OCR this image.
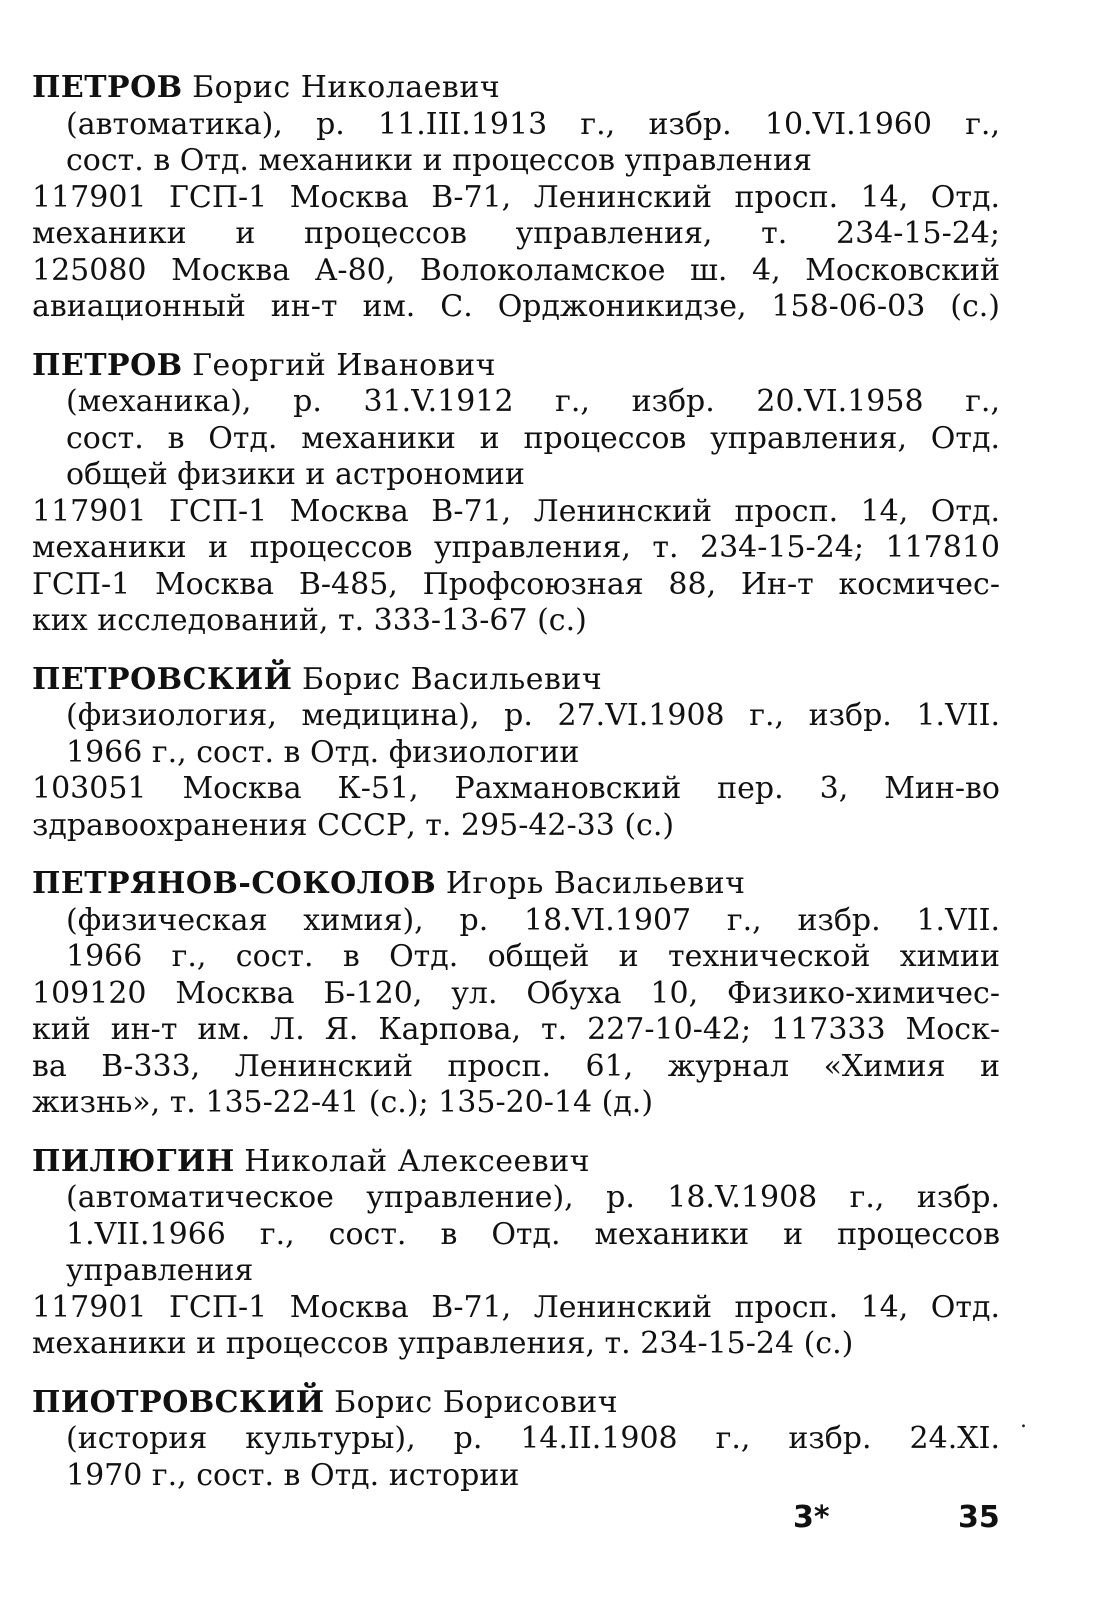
ПЕТРОВ Борис Николаевич
(автоматика), р. 11.III.1913 г., избр. 10.VI.1960 г.,
сост. в Отд. механики и процессов управления
117901 ГСП-1 Москва В-71, Ленинский просп. 14, Отд.
механики и процессов управления, т. 234-15-24;
125080 Москва А-80, Волоколамское ш. 4, Московский
авиационный ин-т им. С. Орджоникидзе, 158-06-03 (с.)
ПЕТРОВ Георгий Иванович
(механика), р. 31.V.1912 г., избр. 20.VI.1958 г.,
сост. в Отд. механики и процессов управления, Отд.
общей физики и астрономии
117901 ГСП-1 Москва В-71, Ленинский просп. 14, Отд.
механики и процессов управления, т. 234-15-24; 117810
ГСП-1 Москва В-485, Профсоюзная 88, Ин-т космичес-
ких исследований, т. 333-13-67 (с.)
ПЕТРОВСКИЙ Борис Васильевич
(физиология, медицина), р. 27.VI.1908 г., избр. 1.VII.
1966 г., сост. в Отд. физиологии
103051 Москва К-51, Рахмановский пер. 3, Мин-во
здравоохранения СССР, т. 295-42-33 (с.)
ПЕТРЯНОВ-СОКОЛОВ Игорь Васильевич
(физическая химия), р. 18.VI.1907 г., избр. 1.VII.
1966 г., сост. в Отд. общей и технической химии
109120 Москва Б-120, ул. Обуха 10, Физико-химичес-
кий ин-т им. Л. Я. Карпова, т. 227-10-42; 117333 Моск-
ва В-333, Ленинский просп. 61, журнал «Химия и
жизнь», т. 135-22-41 (с.); 135-20-14 (д.)
ПИЛЮГИН Николай Алексеевич
(автоматическое управление), р. 18.V.1908 г., избр.
1.VII.1966 г., сост. в Отд. механики и процессов
управления
117901 ГСП-1 Москва В-71, Ленинский просп. 14, Отд.
механики и процессов управления, т. 234-15-24 (с.)
ПИОТРОВСКИЙ Борис Борисович
(история культуры), р. 14.II.1908 г., избр. 24.XI.
1970 г., сост. в Отд. истории
.
3*	35
